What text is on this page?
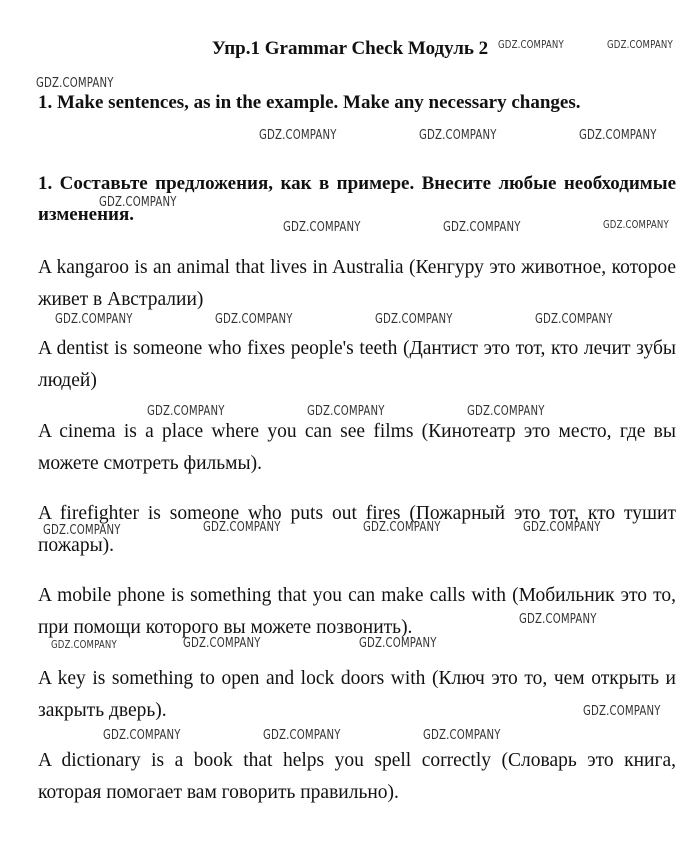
Упр.1 Grammar Check Модуль 2

1. Make sentences, as in the example. Make any necessary changes.

1. Составьте предложения, как в примере. Внесите любые необходимые изменения.

A kangaroo is an animal that lives in Australia (Кенгуру это животное, которое живет в Австралии)

A dentist is someone who fixes people's teeth (Дантист это тот, кто лечит зубы людей)

A cinema is a place where you can see films (Кинотеатр это место, где вы можете смотреть фильмы).

A firefighter is someone who puts out fires (Пожарный это тот, кто тушит пожары).

A mobile phone is something that you can make calls with (Мобильник это то, при помощи которого вы можете позвонить).

A key is something to open and lock doors with (Ключ это то, чем открыть и закрыть дверь).

A dictionary is a book that helps you spell correctly (Словарь это книга, которая помогает вам говорить правильно).

GDZ.COMPANY	GDZ.COMPANY
GDZ.COMPANY
GDZ.COMPANY	GDZ.COMPANY	GDZ.COMPANY
GDZ.COMPANY
GDZ.COMPANY	GDZ.COMPANY	GDZ.COMPANY
GDZ.COMPANY	GDZ.COMPANY	GDZ.COMPANY	GDZ.COMPANY
GDZ.COMPANY	GDZ.COMPANY	GDZ.COMPANY
GDZ.COMPANY	GDZ.COMPANY	GDZ.COMPANY	GDZ.COMPANY
GDZ.COMPANY
GDZ.COMPANY	GDZ.COMPANY	GDZ.COMPANY
GDZ.COMPANY
GDZ.COMPANY	GDZ.COMPANY	GDZ.COMPANY
